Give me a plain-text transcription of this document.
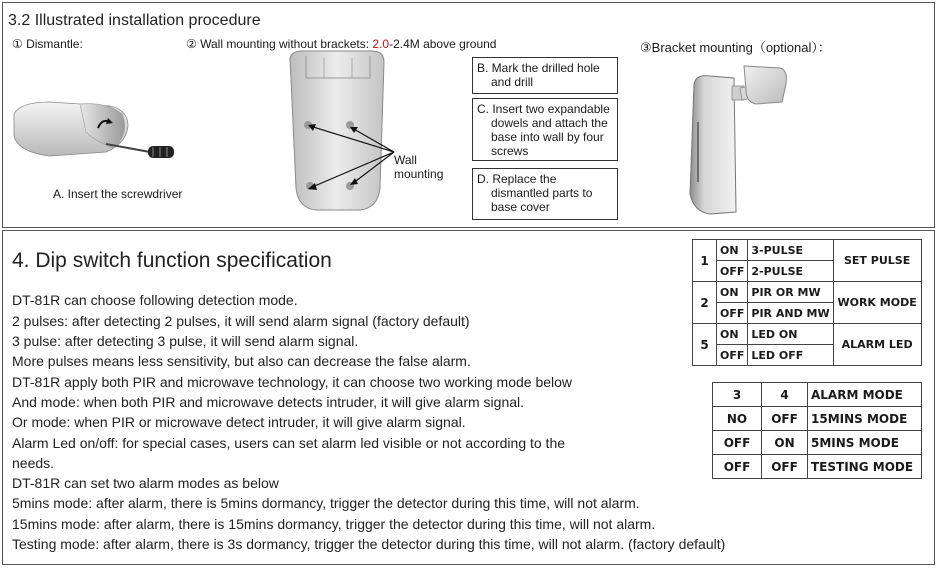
3.2 Illustrated installation procedure
① Dismantle:	② Wall mounting without brackets: 2.0-2.4M above ground	③Bracket mounting（optional）：
A. Insert the screwdriver
Wall
mounting
B. Mark the drilled hole
and drill
C. Insert two expandable
dowels and attach the
base into wall by four
screws
D. Replace the
dismantled parts to
base cover
4. Dip switch function specification
DT-81R can choose following detection mode.
2 pulses: after detecting 2 pulses, it will send alarm signal (factory default)
3 pulse: after detecting 3 pulse, it will send alarm signal.
More pulses means less sensitivity, but also can decrease the false alarm.
DT-81R apply both PIR and microwave technology, it can choose two working mode below
And mode: when both PIR and microwave detects intruder, it will give alarm signal.
Or mode: when PIR or microwave detect intruder, it will give alarm signal.
Alarm Led on/off: for special cases, users can set alarm led visible or not according to the
needs.
DT-81R can set two alarm modes as below
5mins mode: after alarm, there is 5mins dormancy, trigger the detector during this time, will not alarm.
15mins mode: after alarm, there is 15mins dormancy, trigger the detector during this time, will not alarm.
Testing mode: after alarm, there is 3s dormancy, trigger the detector during this time, will not alarm. (factory default)
1	ON	3-PULSE	SET PULSE
	OFF	2-PULSE	
2	ON	PIR OR MW	WORK MODE
	OFF	PIR AND MW	
5	ON	LED ON	ALARM LED
	OFF	LED OFF	
3	4	ALARM MODE
NO	OFF	15MINS MODE
OFF	ON	5MINS MODE
OFF	OFF	TESTING MODE
